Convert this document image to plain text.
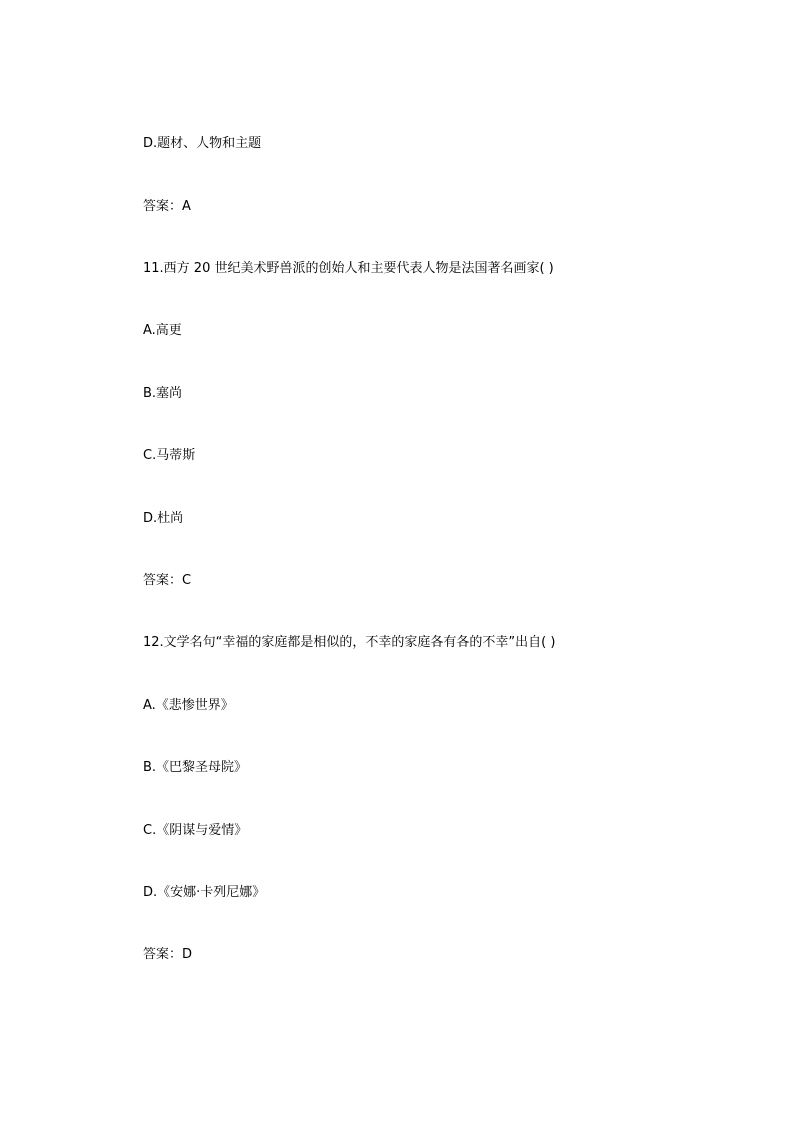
D.题材、人物和主题
答案：A
11.西方 20 世纪美术野兽派的创始人和主要代表人物是法国著名画家( )
A.高更
B.塞尚
C.马蒂斯
D.杜尚
答案：C
12.文学名句“幸福的家庭都是相似的，不幸的家庭各有各的不幸”出自( )
A.《悲惨世界》
B.《巴黎圣母院》
C.《阴谋与爱情》
D.《安娜·卡列尼娜》
答案：D
